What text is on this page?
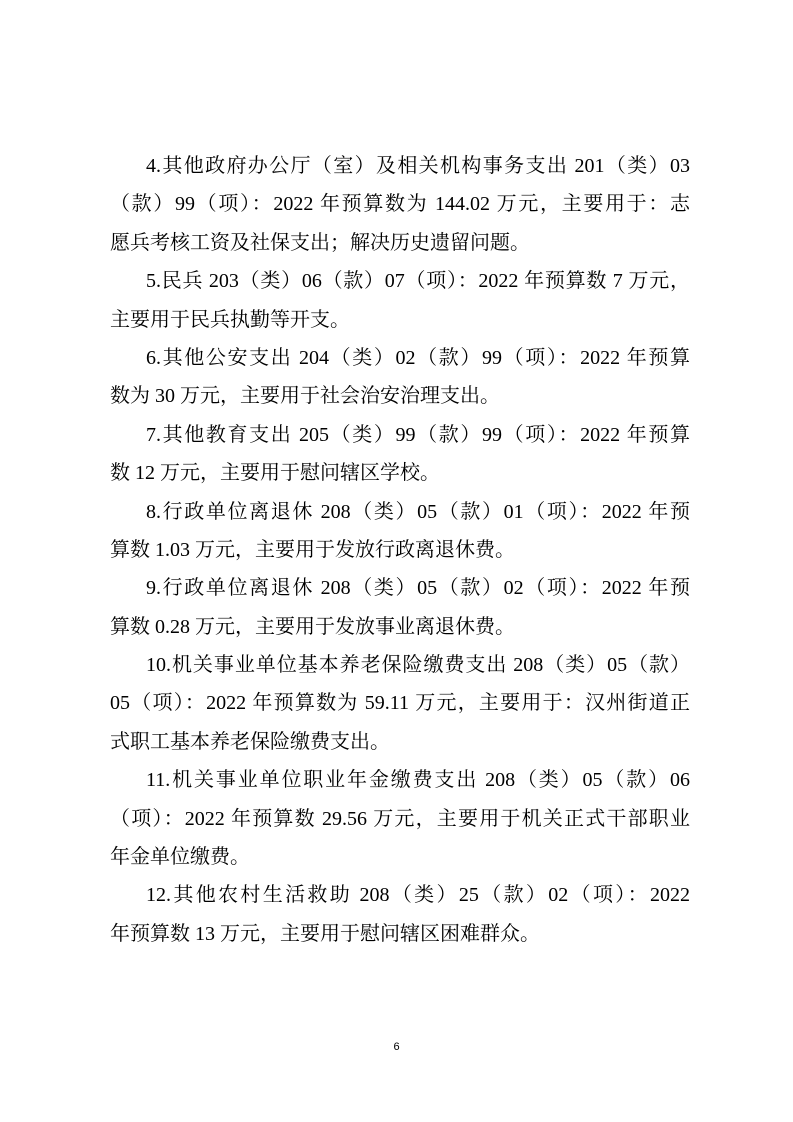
4.其他政府办公厅（室）及相关机构事务支出 201（类）03
（款）99（项）：2022 年预算数为 144.02 万元，主要用于：志
愿兵考核工资及社保支出；解决历史遗留问题。
5.民兵 203（类）06（款）07（项）：2022 年预算数 7 万元，
主要用于民兵执勤等开支。
6.其他公安支出 204（类）02（款）99（项）：2022 年预算
数为 30 万元，主要用于社会治安治理支出。
7.其他教育支出 205（类）99（款）99（项）：2022 年预算
数 12 万元，主要用于慰问辖区学校。
8.行政单位离退休 208（类）05（款）01（项）：2022 年预
算数 1.03 万元，主要用于发放行政离退休费。
9.行政单位离退休 208（类）05（款）02（项）：2022 年预
算数 0.28 万元，主要用于发放事业离退休费。
10.机关事业单位基本养老保险缴费支出 208（类）05（款）
05（项）：2022 年预算数为 59.11 万元，主要用于：汉州街道正
式职工基本养老保险缴费支出。
11.机关事业单位职业年金缴费支出 208（类）05（款）06
（项）：2022 年预算数 29.56 万元，主要用于机关正式干部职业
年金单位缴费。
12.其他农村生活救助 208（类）25（款）02（项）：2022
年预算数 13 万元，主要用于慰问辖区困难群众。
6
